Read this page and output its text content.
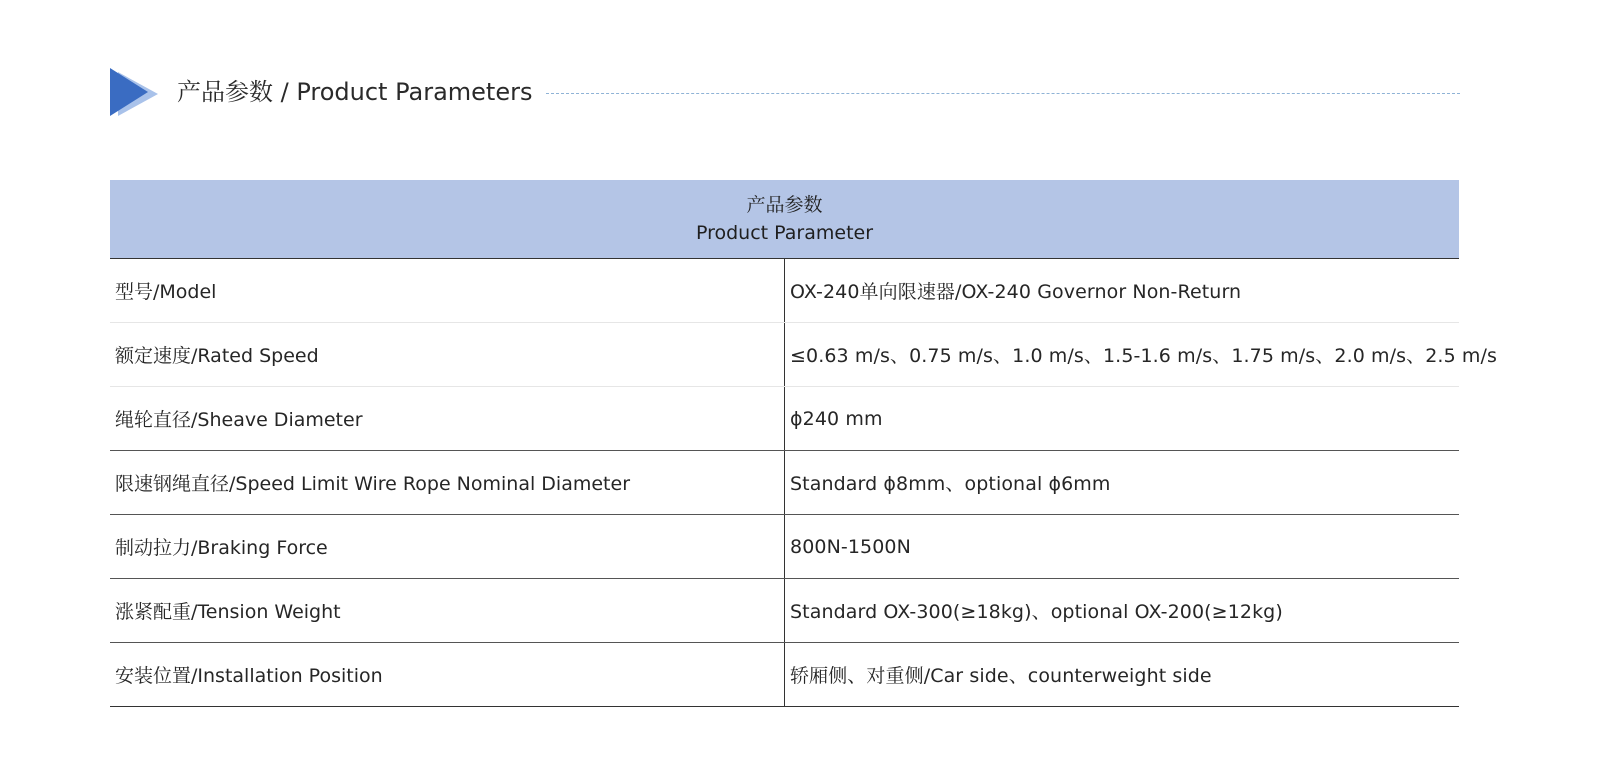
产品参数 / Product Parameters
产品参数
Product Parameter	

型号/Model	OX-240单向限速器/OX-240 Governor Non-Return
额定速度/Rated Speed	≤0.63 m/s、0.75 m/s、1.0 m/s、1.5-1.6 m/s、1.75 m/s、2.0 m/s、2.5 m/s
绳轮直径/Sheave Diameter	ϕ240 mm
限速钢绳直径/Speed Limit Wire Rope Nominal Diameter	Standard ϕ8mm、optional ϕ6mm
制动拉力/Braking Force	800N-1500N
涨紧配重/Tension Weight	Standard OX-300(≥18kg)、optional OX-200(≥12kg)
安装位置/Installation Position	轿厢侧、对重侧/Car side、counterweight side
